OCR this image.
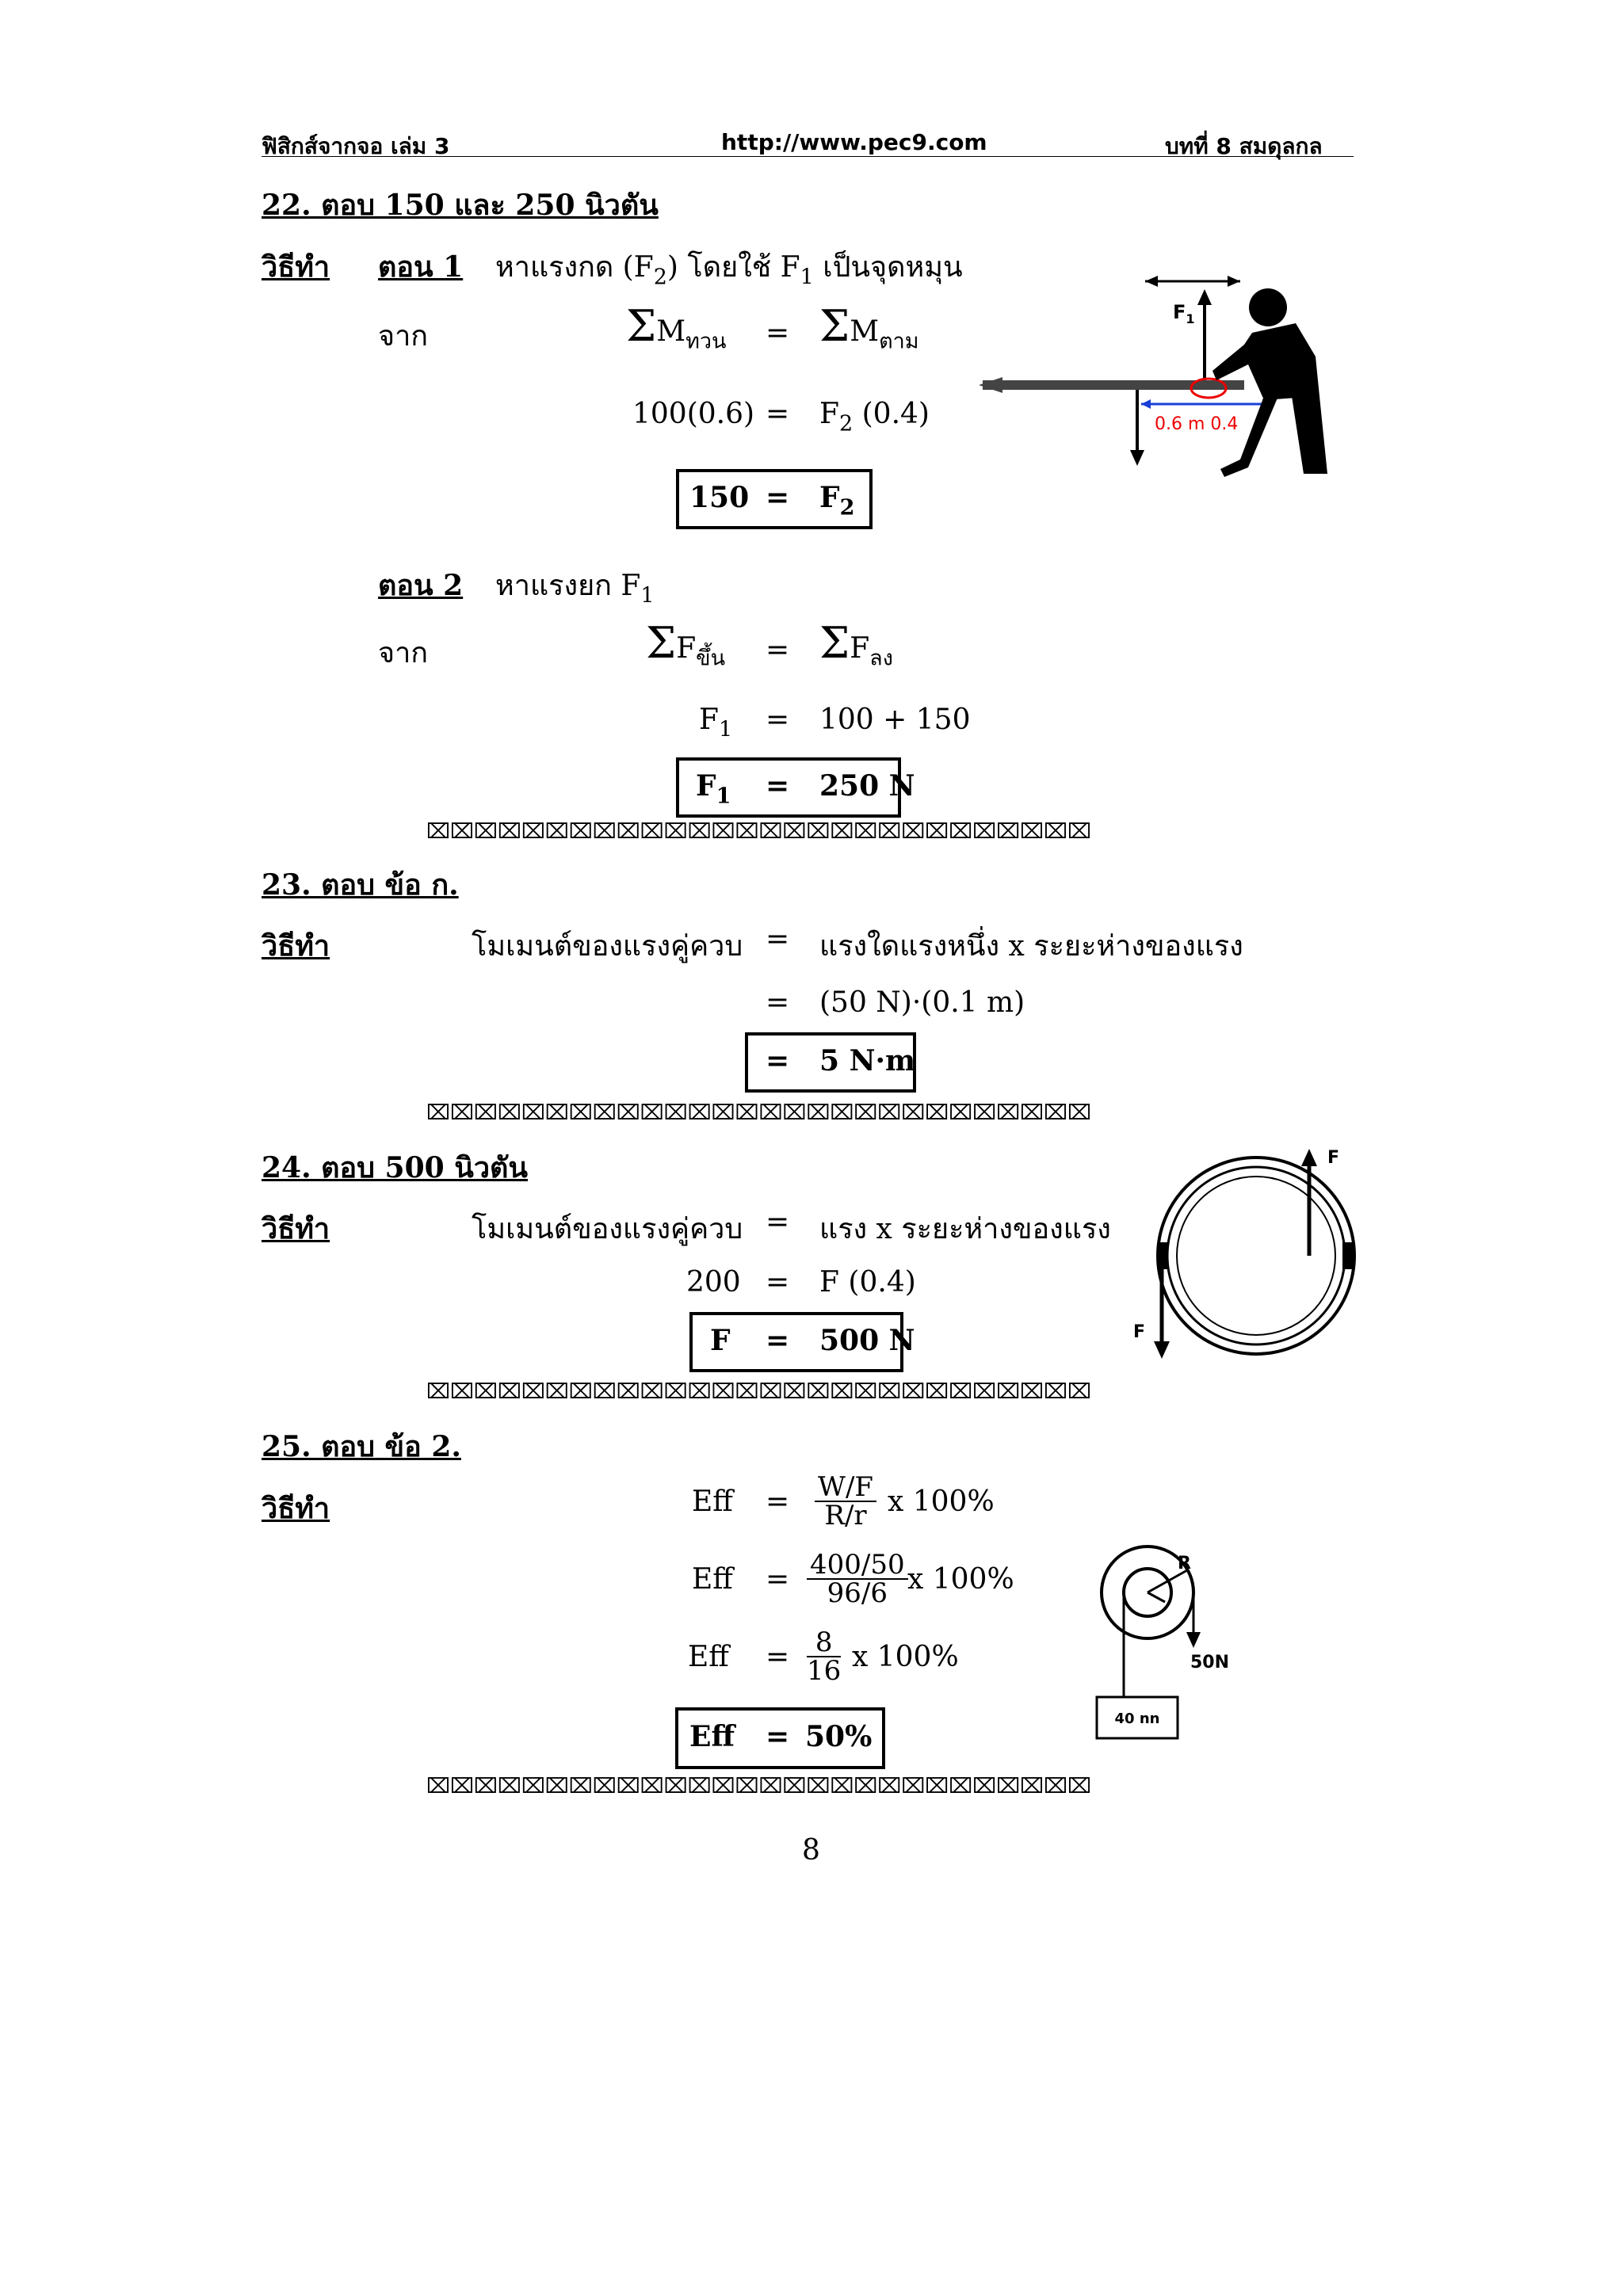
ฟิสิกส์จากจอ เล่ม 3	http://www.pec9.com	บทที่ 8 สมดุลกล
22. ตอบ 150 และ 250 นิวตัน
วิธีทำ ตอน 1 หาแรงกด $(F_2)$ โดยใช้ $F_1$ เป็นจุดหมุน
จาก	$\Sigma M_{ทวน} = \Sigma M_{ตาม}$
$100(0.6) = F_2$ (0.4)
$150 = F_2$
ตอน 2 หาแรงยก $F_1$
จาก	$\Sigma F_{ขึ้น} = \Sigma F_{ลง}$
$F_1 = 100 + 150$
$F_1 = 250$ N
$F_1$
0.6 m 0.4
⌧⌧⌧⌧⌧⌧⌧⌧⌧⌧⌧⌧⌧⌧⌧⌧⌧⌧⌧⌧⌧⌧⌧⌧⌧⌧⌧⌧
23. ตอบ ข้อ ก.
วิธีทำ	โมเมนต์ของแรงคู่ควบ = แรงใดแรงหนึ่ง x ระยะห่างของแรง
= (50 N)·(0.1 m)
= 5 N·m
⌧⌧⌧⌧⌧⌧⌧⌧⌧⌧⌧⌧⌧⌧⌧⌧⌧⌧⌧⌧⌧⌧⌧⌧⌧⌧⌧⌧
24. ตอบ 500 นิวตัน
วิธีทำ	โมเมนต์ของแรงคู่ควบ = แรง x ระยะห่างของแรง
200 = F (0.4)
F = 500 N
F
F
⌧⌧⌧⌧⌧⌧⌧⌧⌧⌧⌧⌧⌧⌧⌧⌧⌧⌧⌧⌧⌧⌧⌧⌧⌧⌧⌧⌧
25. ตอบ ข้อ 2.
วิธีทำ	Eff = $\frac{W/F}{R/r}$ x 100%
Eff = $\frac{400/50}{96/6}$ x 100%
Eff = $\frac{8}{16}$ x 100%
Eff = 50%
R
50N
40 nn
⌧⌧⌧⌧⌧⌧⌧⌧⌧⌧⌧⌧⌧⌧⌧⌧⌧⌧⌧⌧⌧⌧⌧⌧⌧⌧⌧⌧
8
